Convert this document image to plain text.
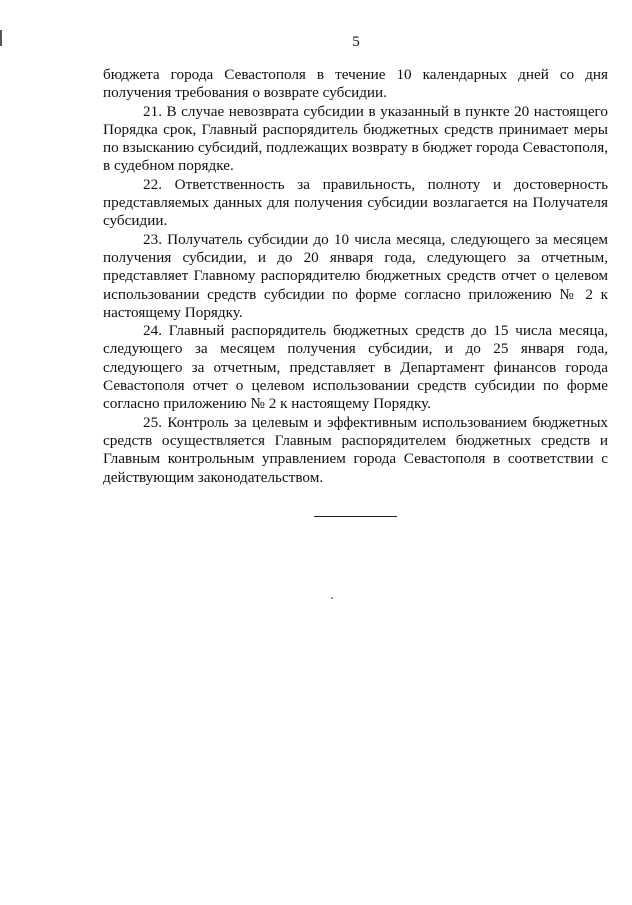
5

бюджета города Севастополя в течение 10 календарных дней со дня получения требования о возврате субсидии.

21. В случае невозврата субсидии в указанный в пункте 20 настоящего Порядка срок, Главный распорядитель бюджетных средств принимает меры по взысканию субсидий, подлежащих возврату в бюджет города Севастополя, в судебном порядке.

22. Ответственность за правильность, полноту и достоверность представляемых данных для получения субсидии возлагается на Получателя субсидии.

23. Получатель субсидии до 10 числа месяца, следующего за месяцем получения субсидии, и до 20 января года, следующего за отчетным, представляет Главному распорядителю бюджетных средств отчет о целевом использовании средств субсидии по форме согласно приложению № 2 к настоящему Порядку.

24. Главный распорядитель бюджетных средств до 15 числа месяца, следующего за месяцем получения субсидии, и до 25 января года, следующего за отчетным, представляет в Департамент финансов города Севастополя отчет о целевом использовании средств субсидии по форме согласно приложению № 2 к настоящему Порядку.

25. Контроль за целевым и эффективным использованием бюджетных средств осуществляется Главным распорядителем бюджетных средств и Главным контрольным управлением города Севастополя в соответствии с действующим законодательством.
